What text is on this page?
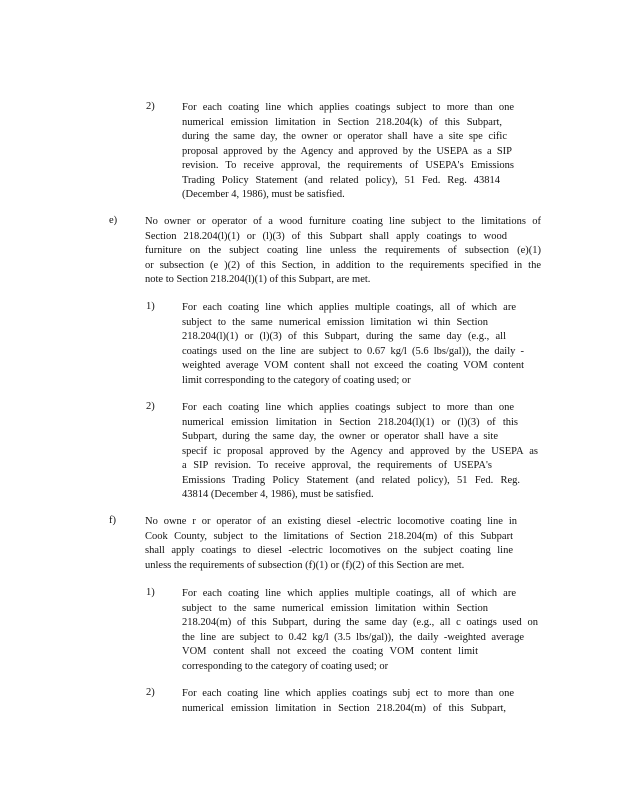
2)	For each coating line which applies coatings subject to more than one
numerical emission limitation in Section 218.204(k) of this Subpart,
during the same day, the owner or operator shall have a site spe cific
proposal approved by the Agency and approved by the USEPA as a SIP
revision. To receive approval, the requirements of USEPA's Emissions
Trading Policy Statement (and related policy), 51 Fed. Reg. 43814
(December 4, 1986), must be satisfied.
e)	No owner or operator of a wood furniture coating line subject to the limitations of
Section 218.204(l)(1) or (l)(3) of this Subpart shall apply coatings to wood
furniture on the subject coating line unless the requirements of subsection (e)(1)
or subsection (e )(2) of this Section, in addition to the requirements specified in the
note to Section 218.204(l)(1) of this Subpart, are met.
1)	For each coating line which applies multiple coatings, all of which are
subject to the same numerical emission limitation wi thin Section
218.204(l)(1) or (l)(3) of this Subpart, during the same day (e.g., all
coatings used on the line are subject to 0.67 kg/l (5.6 lbs/gal)), the daily -
weighted average VOM content shall not exceed the coating VOM content
limit corresponding to the category of coating used; or
2)	For each coating line which applies coatings subject to more than one
numerical emission limitation in Section 218.204(l)(1) or (l)(3) of this
Subpart, during the same day, the owner or operator shall have a site
specif ic proposal approved by the Agency and approved by the USEPA as
a SIP revision. To receive approval, the requirements of USEPA's
Emissions Trading Policy Statement (and related policy), 51 Fed. Reg.
43814 (December 4, 1986), must be satisfied.
f)	No owne r or operator of an existing diesel -electric locomotive coating line in
Cook County, subject to the limitations of Section 218.204(m) of this Subpart
shall apply coatings to diesel -electric locomotives on the subject coating line
unless the requirements of subsection (f)(1) or (f)(2) of this Section are met.
1)	For each coating line which applies multiple coatings, all of which are
subject to the same numerical emission limitation within Section
218.204(m) of this Subpart, during the same day (e.g., all c oatings used on
the line are subject to 0.42 kg/l (3.5 lbs/gal)), the daily -weighted average
VOM content shall not exceed the coating VOM content limit
corresponding to the category of coating used; or
2)	For each coating line which applies coatings subj ect to more than one
numerical emission limitation in Section 218.204(m) of this Subpart,
